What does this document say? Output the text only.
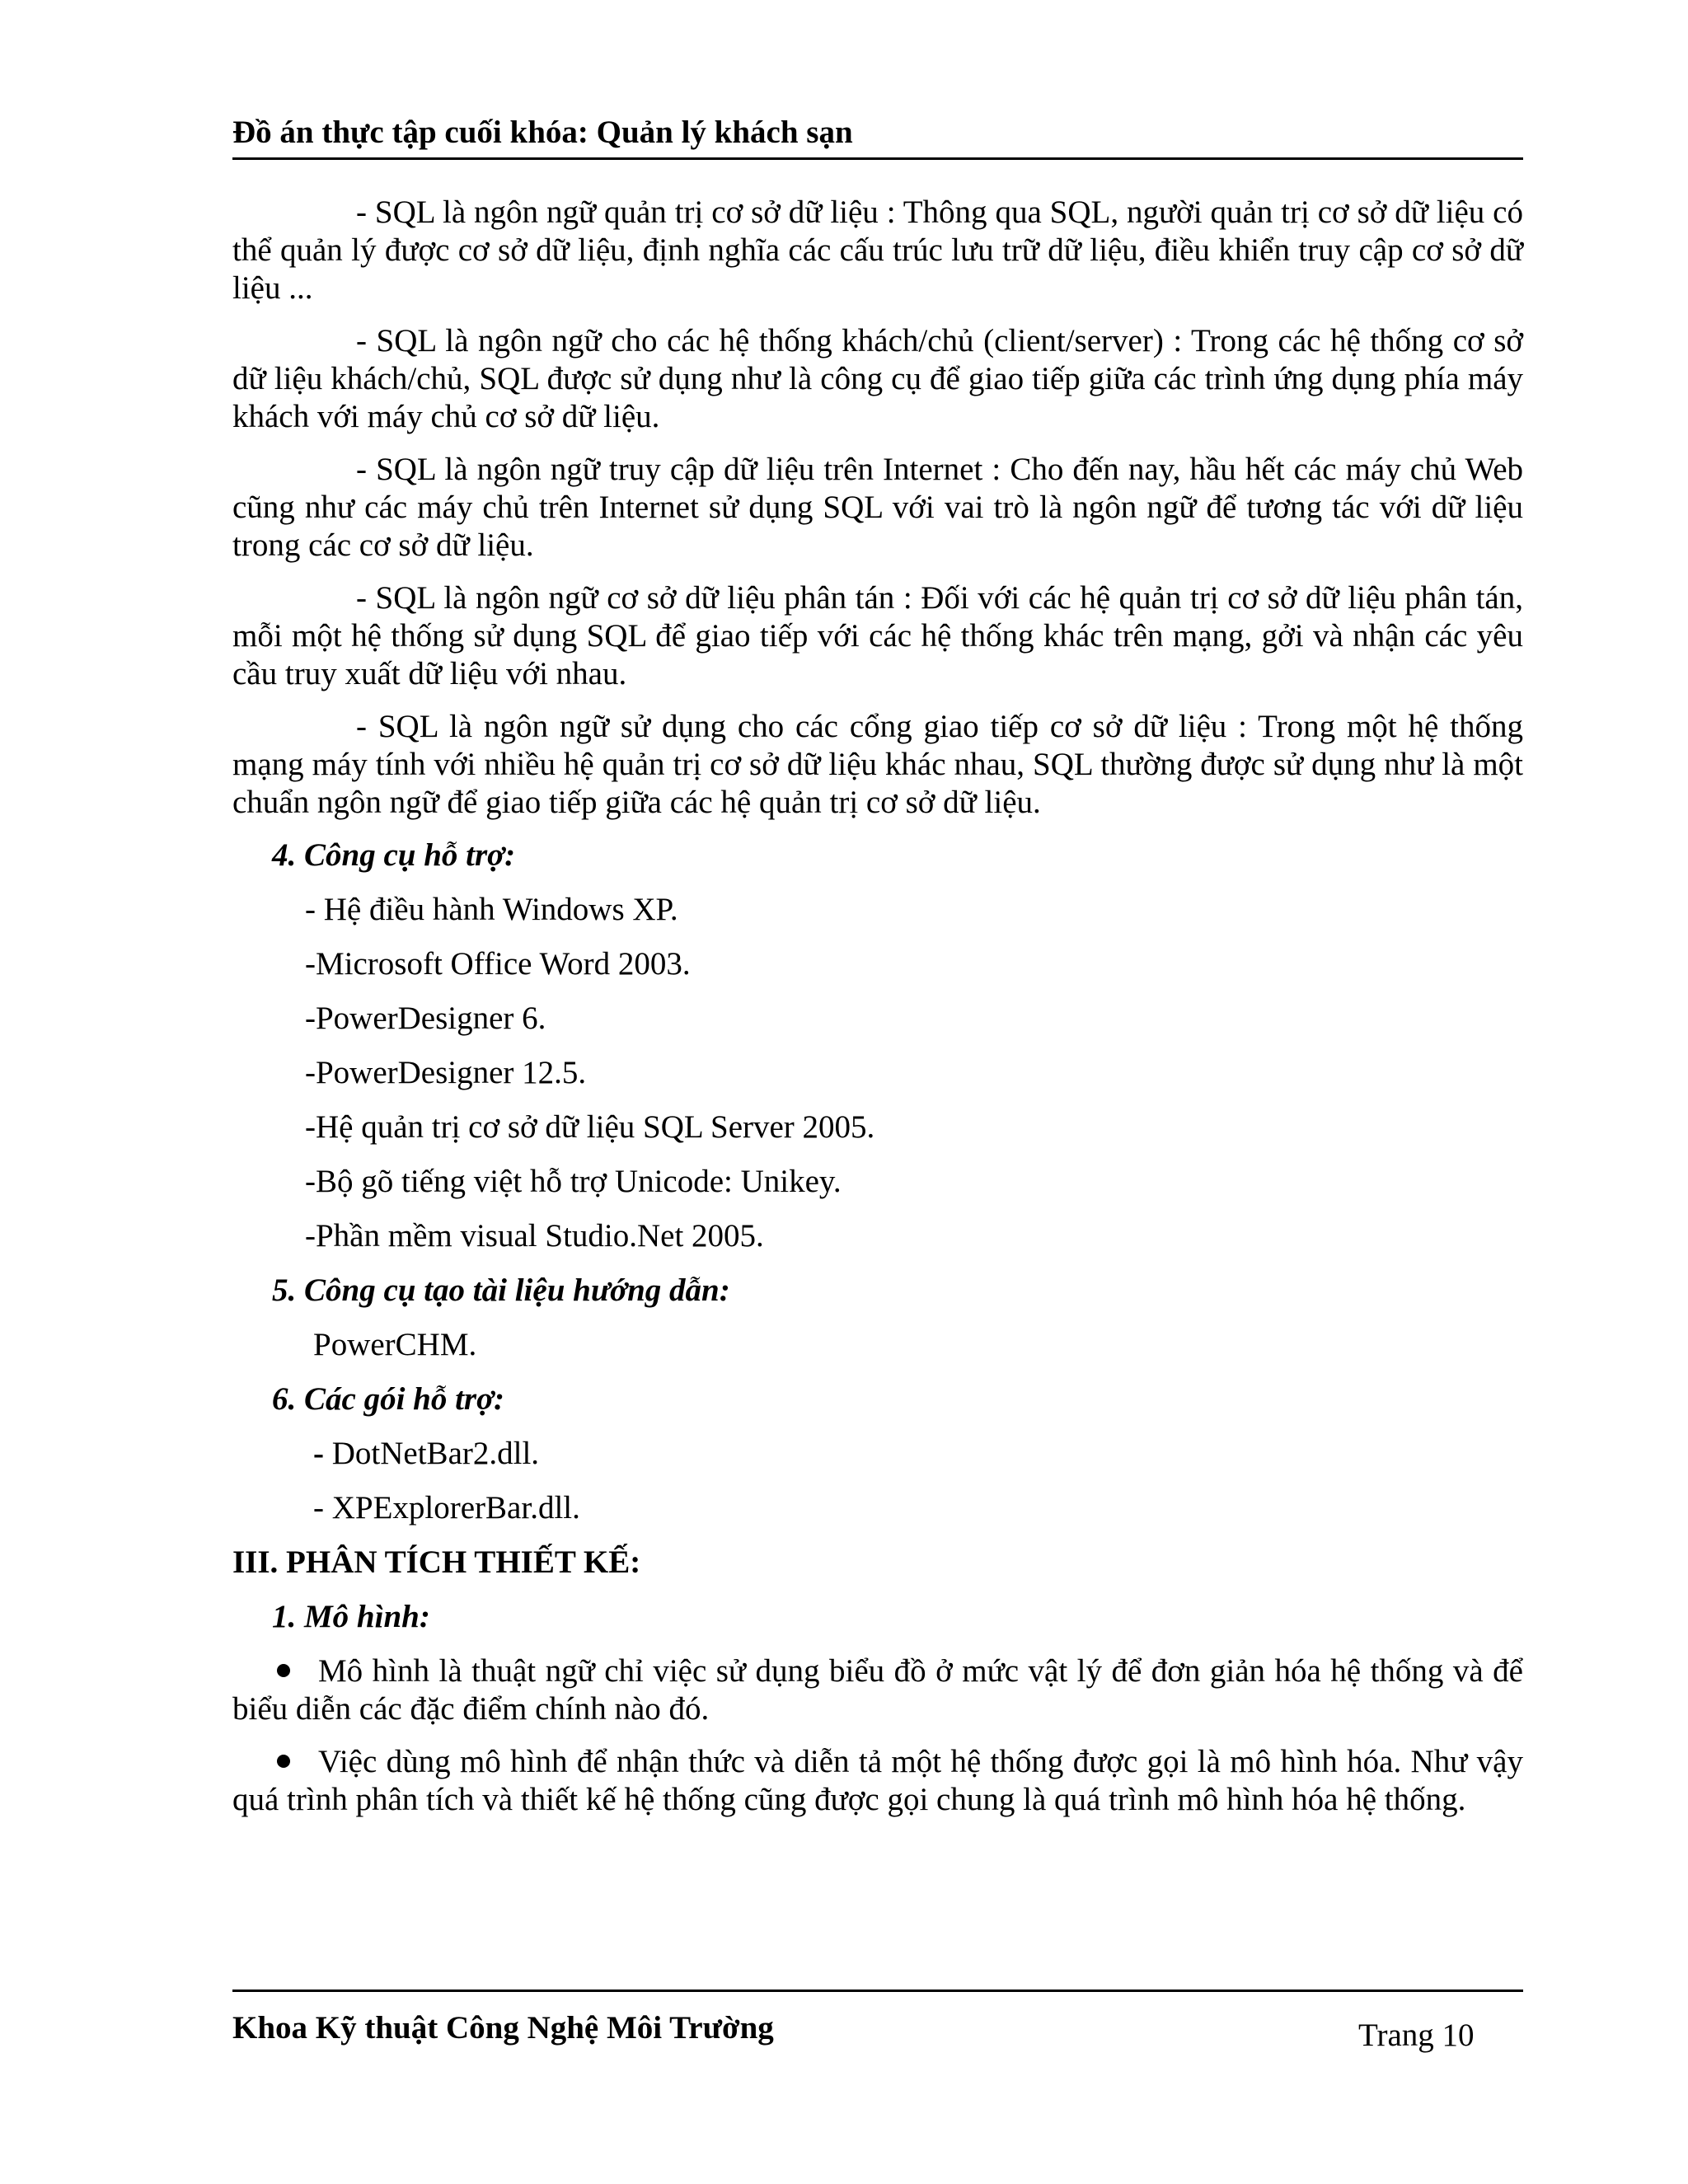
Đồ án thực tập cuối khóa: Quản lý khách sạn

- SQL là ngôn ngữ quản trị cơ sở dữ liệu : Thông qua SQL, người quản trị cơ sở dữ liệu có thể quản lý được cơ sở dữ liệu, định nghĩa các cấu trúc lưu trữ dữ liệu, điều khiển truy cập cơ sở dữ liệu ...

- SQL là ngôn ngữ cho các hệ thống khách/chủ (client/server) : Trong các hệ thống cơ sở dữ liệu khách/chủ, SQL được sử dụng như là công cụ để giao tiếp giữa các trình ứng dụng phía máy khách với máy chủ cơ sở dữ liệu.

- SQL là ngôn ngữ truy cập dữ liệu trên Internet : Cho đến nay, hầu hết các máy chủ Web cũng như các máy chủ trên Internet sử dụng SQL với vai trò là ngôn ngữ để tương tác với dữ liệu trong các cơ sở dữ liệu.

- SQL là ngôn ngữ cơ sở dữ liệu phân tán : Đối với các hệ quản trị cơ sở dữ liệu phân tán, mỗi một hệ thống sử dụng SQL để giao tiếp với các hệ thống khác trên mạng, gởi và nhận các yêu cầu truy xuất dữ liệu với nhau.

- SQL là ngôn ngữ sử dụng cho các cổng giao tiếp cơ sở dữ liệu : Trong một hệ thống mạng máy tính với nhiều hệ quản trị cơ sở dữ liệu khác nhau, SQL thường được sử dụng như là một chuẩn ngôn ngữ để giao tiếp giữa các hệ quản trị cơ sở dữ liệu.

4. Công cụ hỗ trợ:
- Hệ điều hành Windows XP.
-Microsoft Office Word 2003.
-PowerDesigner 6.
-PowerDesigner 12.5.
-Hệ quản trị cơ sở dữ liệu SQL Server 2005.
-Bộ gõ tiếng việt hỗ trợ Unicode: Unikey.
-Phần mềm visual Studio.Net 2005.
5. Công cụ tạo tài liệu hướng dẫn:
PowerCHM.
6. Các gói hỗ trợ:
- DotNetBar2.dll.
- XPExplorerBar.dll.
III. PHÂN TÍCH THIẾT KẾ:
1. Mô hình:

Mô hình là thuật ngữ chỉ việc sử dụng biểu đồ ở mức vật lý để đơn giản hóa hệ thống và để biểu diễn các đặc điểm chính nào đó.

Việc dùng mô hình để nhận thức và diễn tả một hệ thống được gọi là mô hình hóa. Như vậy quá trình phân tích và thiết kế hệ thống cũng được gọi chung là quá trình mô hình hóa hệ thống.

Khoa Kỹ thuật Công Nghệ Môi Trường	Trang 10
